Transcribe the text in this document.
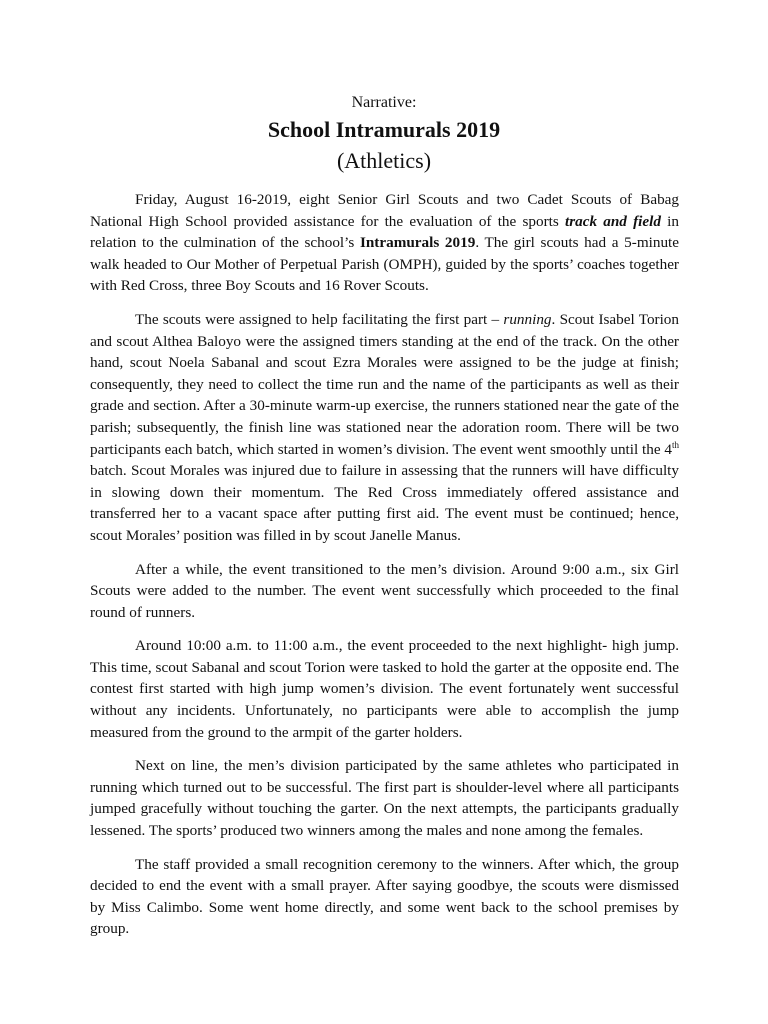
Narrative:
School Intramurals 2019
(Athletics)

Friday, August 16-2019, eight Senior Girl Scouts and two Cadet Scouts of Babag National High School provided assistance for the evaluation of the sports track and field in relation to the culmination of the school’s Intramurals 2019. The girl scouts had a 5-minute walk headed to Our Mother of Perpetual Parish (OMPH), guided by the sports’ coaches together with Red Cross, three Boy Scouts and 16 Rover Scouts.

The scouts were assigned to help facilitating the first part – running. Scout Isabel Torion and scout Althea Baloyo were the assigned timers standing at the end of the track. On the other hand, scout Noela Sabanal and scout Ezra Morales were assigned to be the judge at finish; consequently, they need to collect the time run and the name of the participants as well as their grade and section. After a 30-minute warm-up exercise, the runners stationed near the gate of the parish; subsequently, the finish line was stationed near the adoration room. There will be two participants each batch, which started in women’s division. The event went smoothly until the 4th batch. Scout Morales was injured due to failure in assessing that the runners will have difficulty in slowing down their momentum. The Red Cross immediately offered assistance and transferred her to a vacant space after putting first aid. The event must be continued; hence, scout Morales’ position was filled in by scout Janelle Manus.

After a while, the event transitioned to the men’s division. Around 9:00 a.m., six Girl Scouts were added to the number. The event went successfully which proceeded to the final round of runners.

Around 10:00 a.m. to 11:00 a.m., the event proceeded to the next highlight- high jump. This time, scout Sabanal and scout Torion were tasked to hold the garter at the opposite end. The contest first started with high jump women’s division. The event fortunately went successful without any incidents. Unfortunately, no participants were able to accomplish the jump measured from the ground to the armpit of the garter holders.

Next on line, the men’s division participated by the same athletes who participated in running which turned out to be successful. The first part is shoulder-level where all participants jumped gracefully without touching the garter. On the next attempts, the participants gradually lessened. The sports’ produced two winners among the males and none among the females.

The staff provided a small recognition ceremony to the winners. After which, the group decided to end the event with a small prayer. After saying goodbye, the scouts were dismissed by Miss Calimbo. Some went home directly, and some went back to the school premises by group.
